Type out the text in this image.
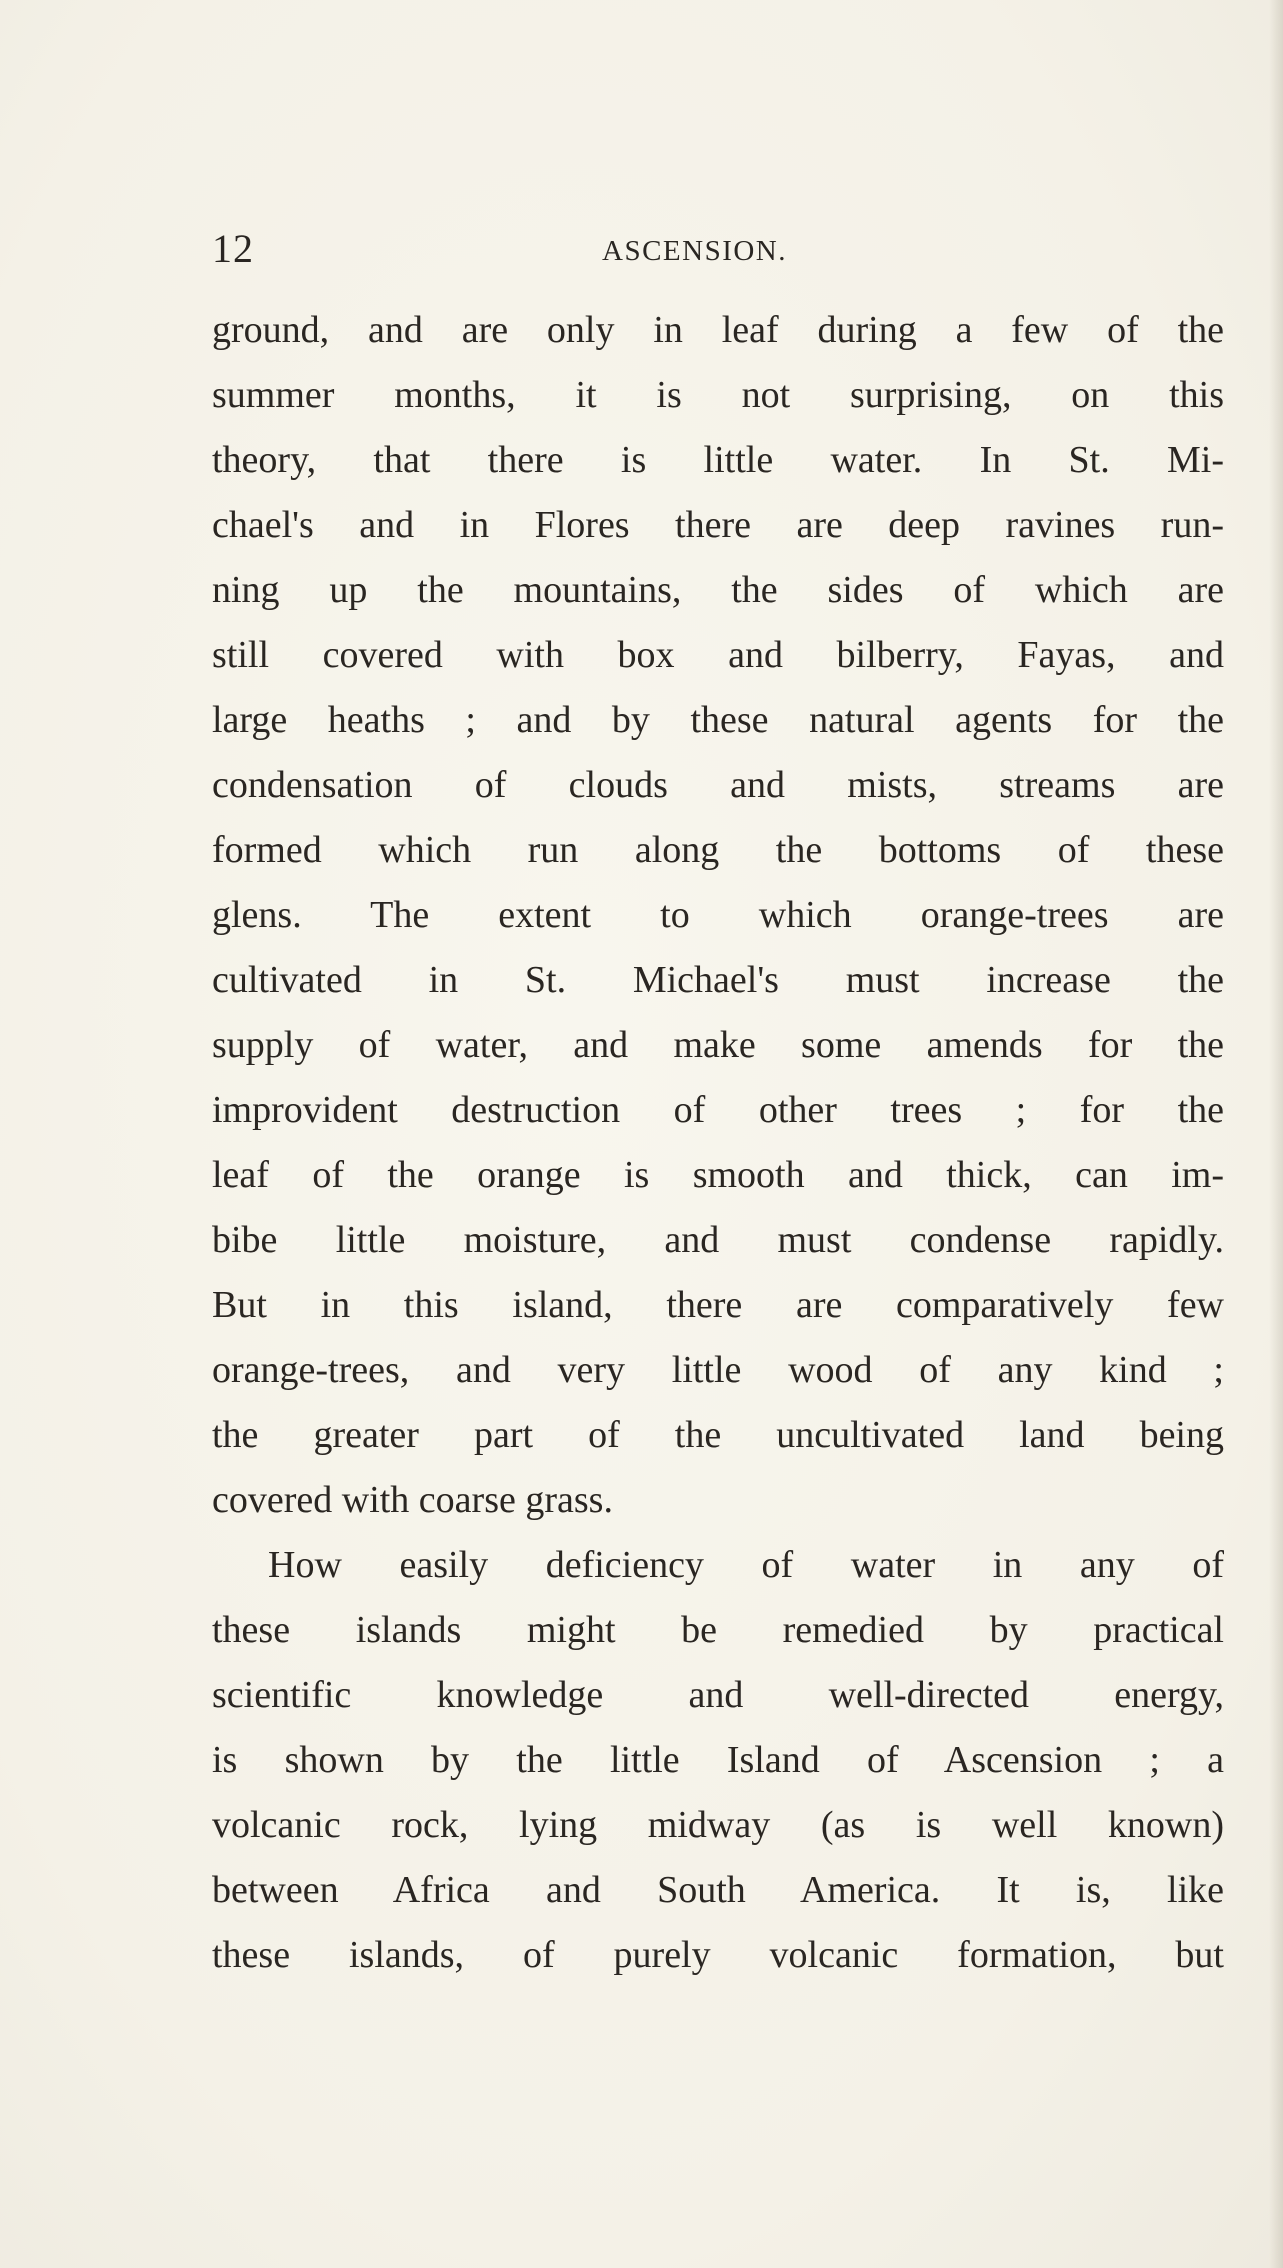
12	ASCENSION.
ground, and are only in leaf during a few of the
summer months, it is not surprising, on this
theory, that there is little water. In St. Mi-
chael's and in Flores there are deep ravines run-
ning up the mountains, the sides of which are
still covered with box and bilberry, Fayas, and
large heaths ; and by these natural agents for the
condensation of clouds and mists, streams are
formed which run along the bottoms of these
glens. The extent to which orange-trees are
cultivated in St. Michael's must increase the
supply of water, and make some amends for the
improvident destruction of other trees ; for the
leaf of the orange is smooth and thick, can im-
bibe little moisture, and must condense rapidly.
But in this island, there are comparatively few
orange-trees, and very little wood of any kind ;
the greater part of the uncultivated land being
covered with coarse grass.
How easily deficiency of water in any of
these islands might be remedied by practical
scientific knowledge and well-directed energy,
is shown by the little Island of Ascension ; a
volcanic rock, lying midway (as is well known)
between Africa and South America. It is, like
these islands, of purely volcanic formation, but
